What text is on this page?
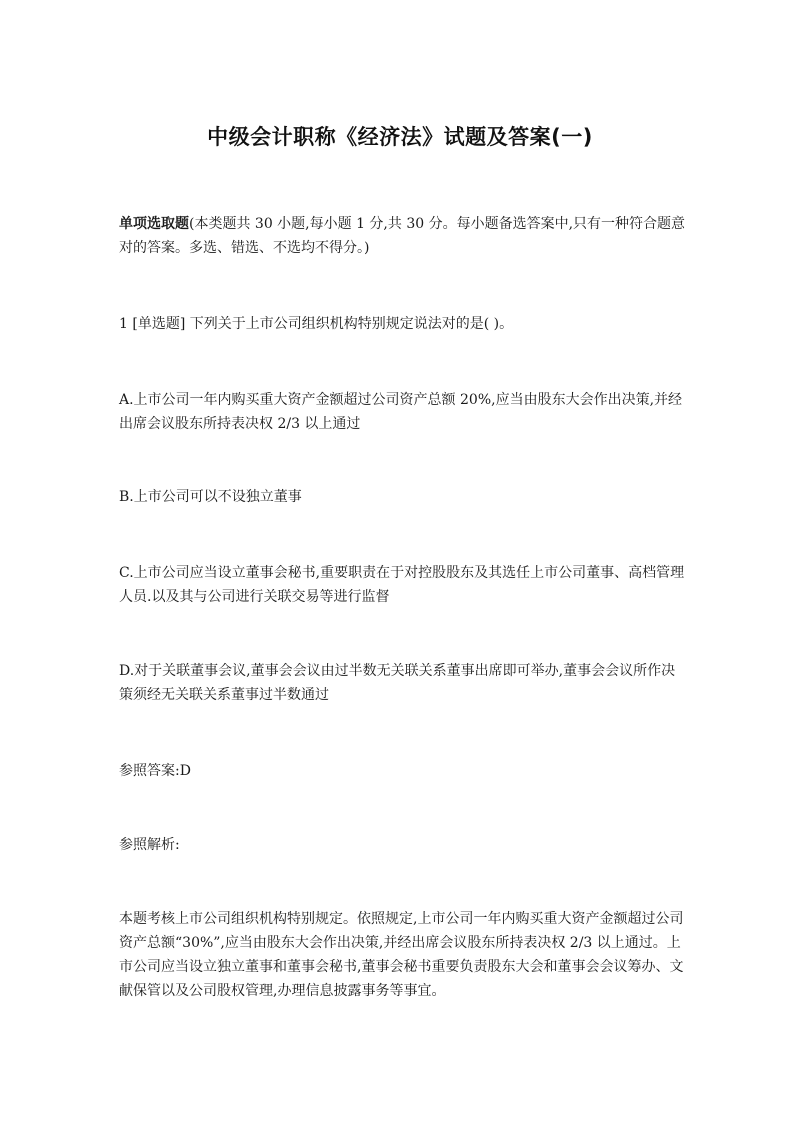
中级会计职称《经济法》试题及答案(一)
单项选取题(本类题共 30 小题,每小题 1 分,共 30 分。每小题备选答案中,只有一种符合题意对的答案。多选、错选、不选均不得分。)
1 [单选题] 下列关于上市公司组织机构特别规定说法对的是( )。
A.上市公司一年内购买重大资产金额超过公司资产总额 20%,应当由股东大会作出决策,并经出席会议股东所持表决权 2/3 以上通过
B.上市公司可以不设独立董事
C.上市公司应当设立董事会秘书,重要职责在于对控股股东及其选任上市公司董事、高档管理人员.以及其与公司进行关联交易等进行监督
D.对于关联董事会议,董事会会议由过半数无关联关系董事出席即可举办,董事会会议所作决策须经无关联关系董事过半数通过
参照答案:D
参照解析:
本题考核上市公司组织机构特别规定。依照规定,上市公司一年内购买重大资产金额超过公司资产总额“30%”,应当由股东大会作出决策,并经出席会议股东所持表决权 2/3 以上通过。上市公司应当设立独立董事和董事会秘书,董事会秘书重要负责股东大会和董事会会议筹办、文献保管以及公司股权管理,办理信息披露事务等事宜。
